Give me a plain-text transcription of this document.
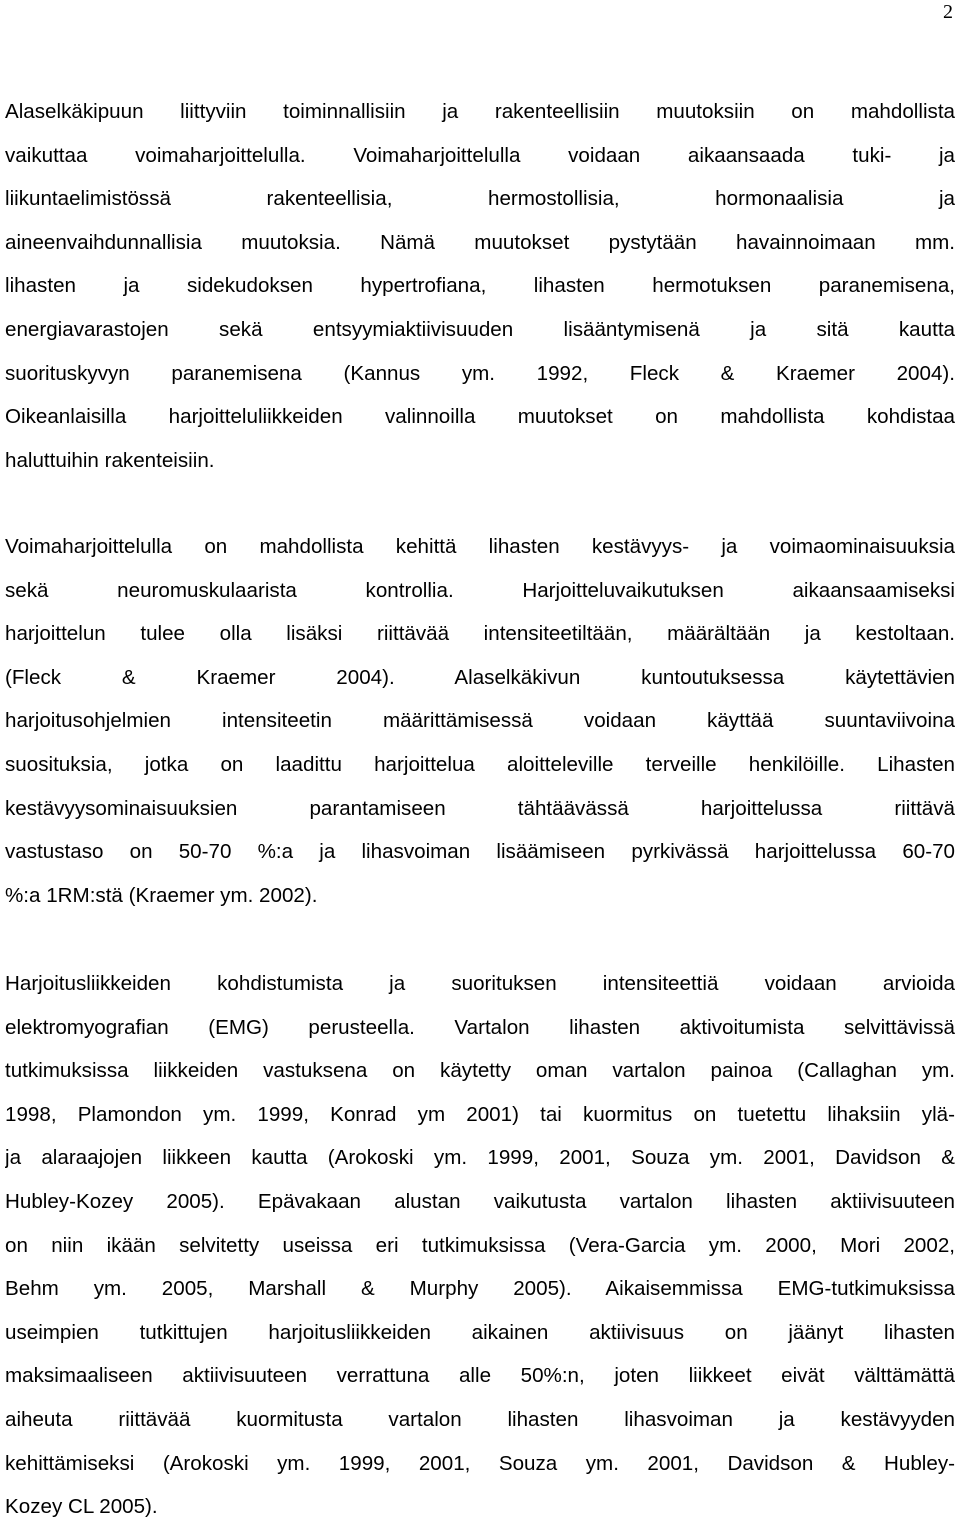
2
Alaselkäkipuun liittyviin toiminnallisiin ja rakenteellisiin muutoksiin on mahdollista
vaikuttaa voimaharjoittelulla. Voimaharjoittelulla voidaan aikaansaada tuki- ja
liikuntaelimistössä rakenteellisia, hermostollisia, hormonaalisia ja
aineenvaihdunnallisia muutoksia. Nämä muutokset pystytään havainnoimaan mm.
lihasten ja sidekudoksen hypertrofiana, lihasten hermotuksen paranemisena,
energiavarastojen sekä entsyymiaktiivisuuden lisääntymisenä ja sitä kautta
suorituskyvyn paranemisena (Kannus ym. 1992, Fleck & Kraemer 2004).
Oikeanlaisilla harjoitteluliikkeiden valinnoilla muutokset on mahdollista kohdistaa
haluttuihin rakenteisiin.
Voimaharjoittelulla on mahdollista kehittä lihasten kestävyys- ja voimaominaisuuksia
sekä neuromuskulaarista kontrollia. Harjoitteluvaikutuksen aikaansaamiseksi
harjoittelun tulee olla lisäksi riittävää intensiteetiltään, määrältään ja kestoltaan.
(Fleck & Kraemer 2004). Alaselkäkivun kuntoutuksessa käytettävien
harjoitusohjelmien intensiteetin määrittämisessä voidaan käyttää suuntaviivoina
suosituksia, jotka on laadittu harjoittelua aloitteleville terveille henkilöille. Lihasten
kestävyysominaisuuksien parantamiseen tähtäävässä harjoittelussa riittävä
vastustaso on 50-70 %:a ja lihasvoiman lisäämiseen pyrkivässä harjoittelussa 60-70
%:a 1RM:stä (Kraemer ym. 2002).
Harjoitusliikkeiden kohdistumista ja suorituksen intensiteettiä voidaan arvioida
elektromyografian (EMG) perusteella. Vartalon lihasten aktivoitumista selvittävissä
tutkimuksissa liikkeiden vastuksena on käytetty oman vartalon painoa (Callaghan ym.
1998, Plamondon ym. 1999, Konrad ym 2001) tai kuormitus on tuetettu lihaksiin ylä-
ja alaraajojen liikkeen kautta (Arokoski ym. 1999, 2001, Souza ym. 2001, Davidson &
Hubley-Kozey 2005). Epävakaan alustan vaikutusta vartalon lihasten aktiivisuuteen
on niin ikään selvitetty useissa eri tutkimuksissa (Vera-Garcia ym. 2000, Mori 2002,
Behm ym. 2005, Marshall & Murphy 2005). Aikaisemmissa EMG-tutkimuksissa
useimpien tutkittujen harjoitusliikkeiden aikainen aktiivisuus on jäänyt lihasten
maksimaaliseen aktiivisuuteen verrattuna alle 50%:n, joten liikkeet eivät välttämättä
aiheuta riittävää kuormitusta vartalon lihasten lihasvoiman ja kestävyyden
kehittämiseksi (Arokoski ym. 1999, 2001, Souza ym. 2001, Davidson & Hubley-
Kozey CL 2005).
